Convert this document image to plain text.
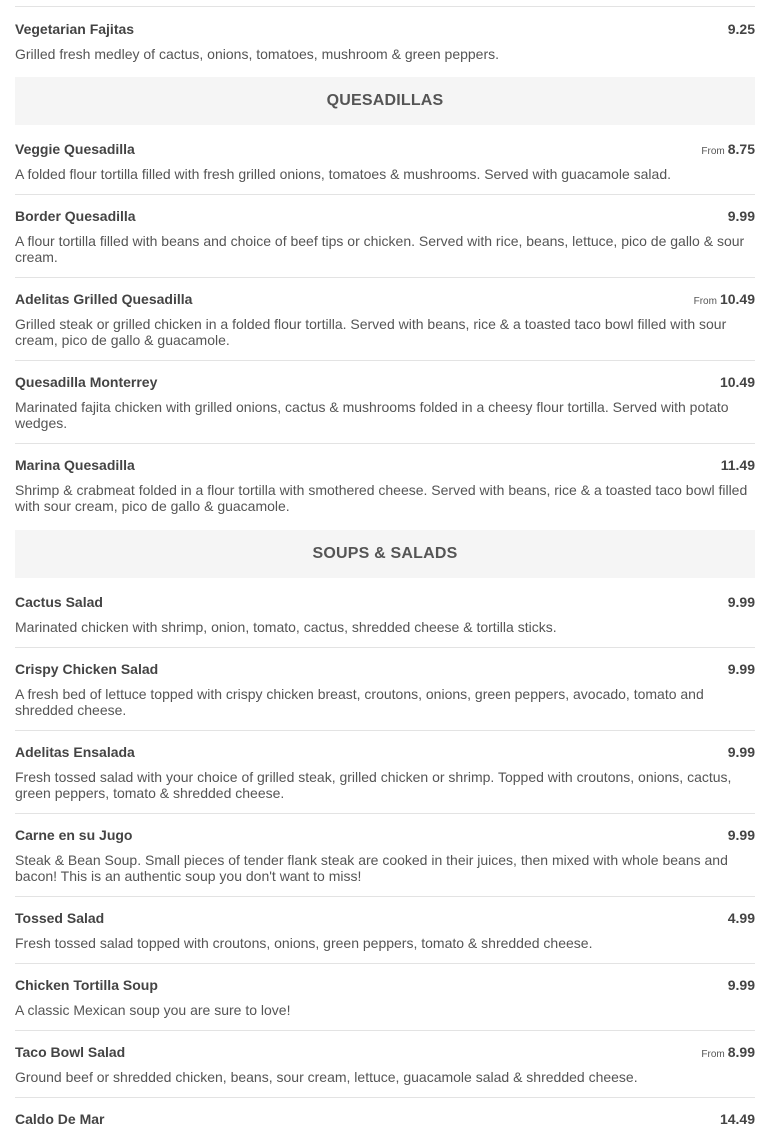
Vegetarian Fajitas	9.25
Grilled fresh medley of cactus, onions, tomatoes, mushroom & green peppers.
QUESADILLAS
Veggie Quesadilla	From 8.75
A folded flour tortilla filled with fresh grilled onions, tomatoes & mushrooms. Served with guacamole salad.
Border Quesadilla	9.99
A flour tortilla filled with beans and choice of beef tips or chicken. Served with rice, beans, lettuce, pico de gallo & sour cream.
Adelitas Grilled Quesadilla	From 10.49
Grilled steak or grilled chicken in a folded flour tortilla. Served with beans, rice & a toasted taco bowl filled with sour cream, pico de gallo & guacamole.
Quesadilla Monterrey	10.49
Marinated fajita chicken with grilled onions, cactus & mushrooms folded in a cheesy flour tortilla. Served with potato wedges.
Marina Quesadilla	11.49
Shrimp & crabmeat folded in a flour tortilla with smothered cheese. Served with beans, rice & a toasted taco bowl filled with sour cream, pico de gallo & guacamole.
SOUPS & SALADS
Cactus Salad	9.99
Marinated chicken with shrimp, onion, tomato, cactus, shredded cheese & tortilla sticks.
Crispy Chicken Salad	9.99
A fresh bed of lettuce topped with crispy chicken breast, croutons, onions, green peppers, avocado, tomato and shredded cheese.
Adelitas Ensalada	9.99
Fresh tossed salad with your choice of grilled steak, grilled chicken or shrimp. Topped with croutons, onions, cactus, green peppers, tomato & shredded cheese.
Carne en su Jugo	9.99
Steak & Bean Soup. Small pieces of tender flank steak are cooked in their juices, then mixed with whole beans and bacon! This is an authentic soup you don't want to miss!
Tossed Salad	4.99
Fresh tossed salad topped with croutons, onions, green peppers, tomato & shredded cheese.
Chicken Tortilla Soup	9.99
A classic Mexican soup you are sure to love!
Taco Bowl Salad	From 8.99
Ground beef or shredded chicken, beans, sour cream, lettuce, guacamole salad & shredded cheese.
Caldo De Mar	14.49
